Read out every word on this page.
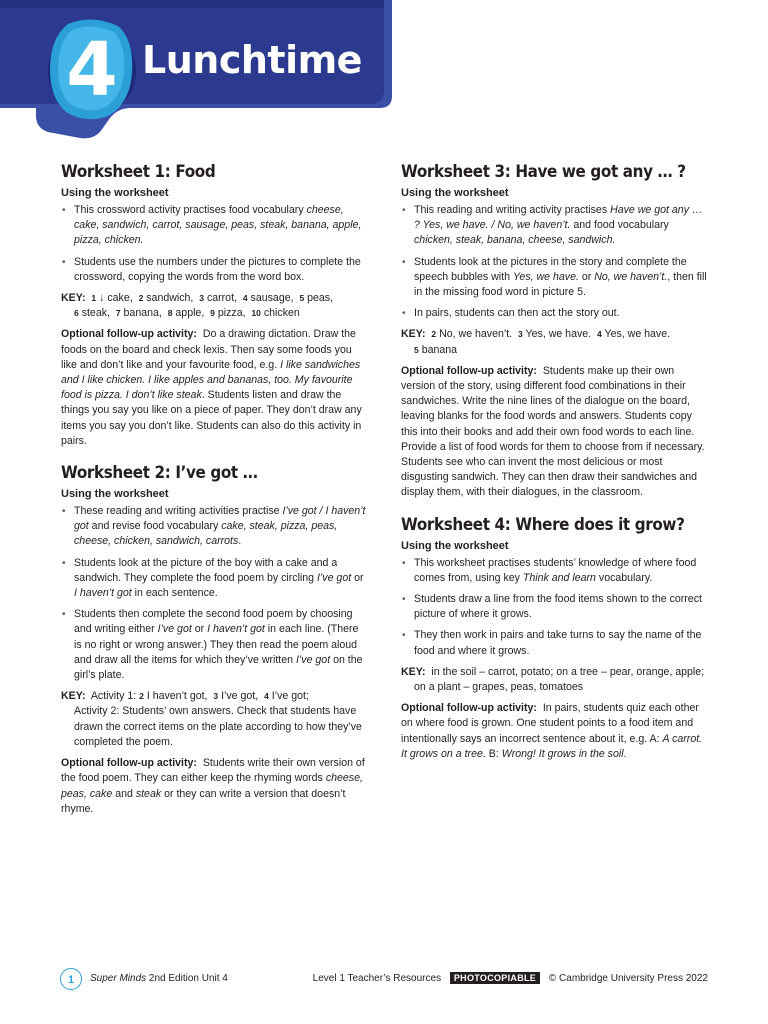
4 Lunchtime
Worksheet 1: Food
Using the worksheet
• This crossword activity practises food vocabulary cheese, cake, sandwich, carrot, sausage, peas, steak, banana, apple, pizza, chicken.
• Students use the numbers under the pictures to complete the crossword, copying the words from the word box.
KEY: 1 ↓ cake, 2 sandwich, 3 carrot, 4 sausage, 5 peas,
6 steak, 7 banana, 8 apple, 9 pizza, 10 chicken
Optional follow-up activity: Do a drawing dictation. Draw the foods on the board and check lexis. Then say some foods you like and don’t like and your favourite food, e.g. I like sandwiches and I like chicken. I like apples and bananas, too. My favourite food is pizza. I don’t like steak. Students listen and draw the things you say you like on a piece of paper. They don’t draw any items you say you don’t like. Students can also do this activity in pairs.
Worksheet 2: I’ve got …
Using the worksheet
• These reading and writing activities practise I’ve got / I haven’t got and revise food vocabulary cake, steak, pizza, peas, cheese, chicken, sandwich, carrots.
• Students look at the picture of the boy with a cake and a sandwich. They complete the food poem by circling I’ve got or I haven’t got in each sentence.
• Students then complete the second food poem by choosing and writing either I’ve got or I haven’t got in each line. (There is no right or wrong answer.) They then read the poem aloud and draw all the items for which they’ve written I’ve got on the girl’s plate.
KEY: Activity 1: 2 I haven’t got, 3 I’ve got, 4 I’ve got;
Activity 2: Students’ own answers. Check that students have drawn the correct items on the plate according to how they’ve completed the poem.
Optional follow-up activity: Students write their own version of the food poem. They can either keep the rhyming words cheese, peas, cake and steak or they can write a version that doesn’t rhyme.
Worksheet 3: Have we got any … ?
Using the worksheet
• This reading and writing activity practises Have we got any … ? Yes, we have. / No, we haven’t. and food vocabulary chicken, steak, banana, cheese, sandwich.
• Students look at the pictures in the story and complete the speech bubbles with Yes, we have. or No, we haven’t., then fill in the missing food word in picture 5.
• In pairs, students can then act the story out.
KEY: 2 No, we haven’t. 3 Yes, we have. 4 Yes, we have.
5 banana
Optional follow-up activity: Students make up their own version of the story, using different food combinations in their sandwiches. Write the nine lines of the dialogue on the board, leaving blanks for the food words and answers. Students copy this into their books and add their own food words to each line. Provide a list of food words for them to choose from if necessary. Students see who can invent the most delicious or most disgusting sandwich. They can then draw their sandwiches and display them, with their dialogues, in the classroom.
Worksheet 4: Where does it grow?
Using the worksheet
• This worksheet practises students’ knowledge of where food comes from, using key Think and learn vocabulary.
• Students draw a line from the food items shown to the correct picture of where it grows.
• They then work in pairs and take turns to say the name of the food and where it grows.
KEY: in the soil – carrot, potato; on a tree – pear, orange, apple;
on a plant – grapes, peas, tomatoes
Optional follow-up activity: In pairs, students quiz each other on where food is grown. One student points to a food item and intentionally says an incorrect sentence about it, e.g. A: A carrot. It grows on a tree. B: Wrong! It grows in the soil.
1	Super Minds 2nd Edition Unit 4	Level 1 Teacher’s Resources PHOTOCOPIABLE © Cambridge University Press 2022
